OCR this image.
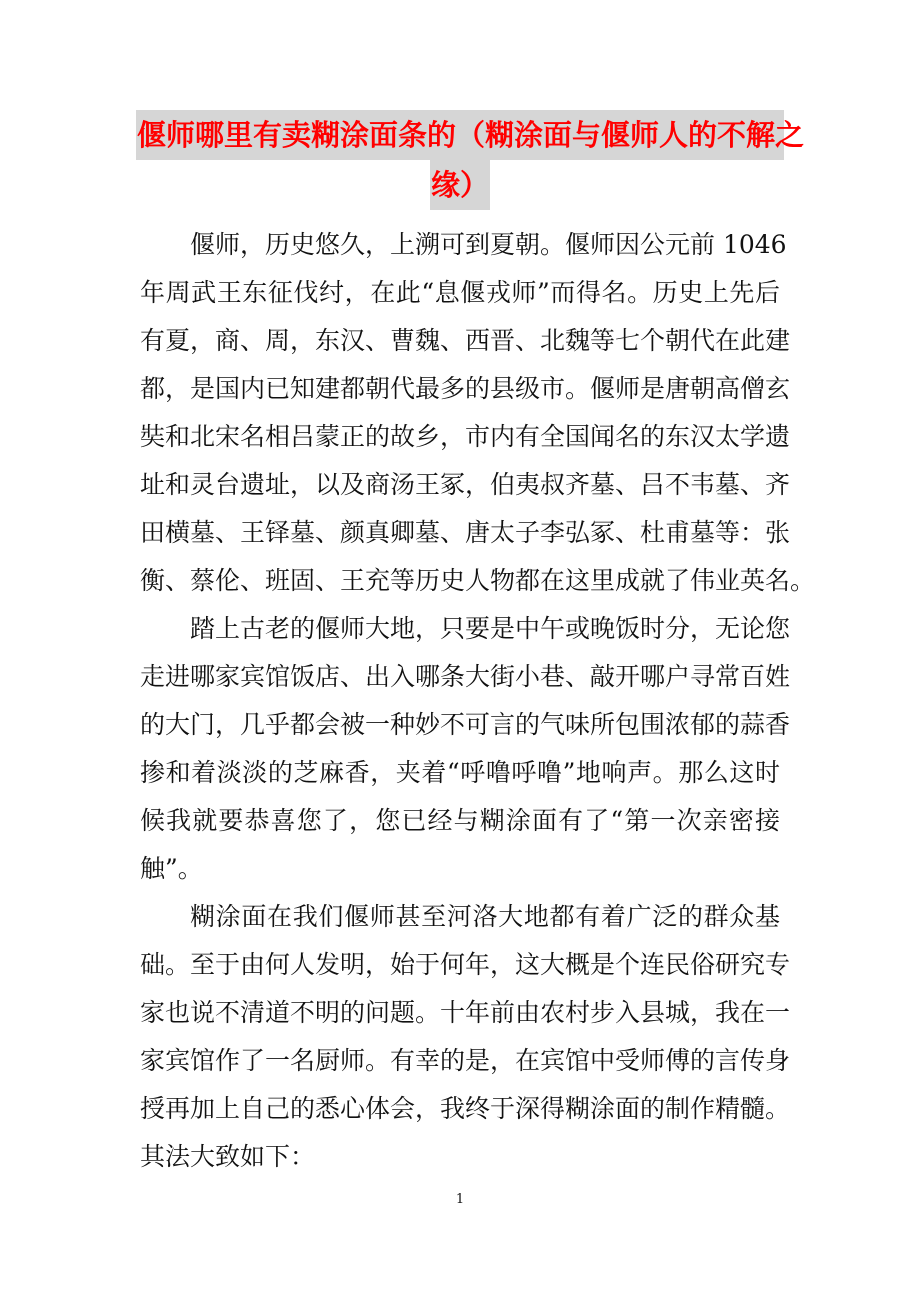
偃师哪里有卖糊涂面条的（糊涂面与偃师人的不解之
缘）
偃师，历史悠久，上溯可到夏朝。偃师因公元前 1046
年周武王东征伐纣，在此“息偃戎师”而得名。历史上先后
有夏，商、周，东汉、曹魏、西晋、北魏等七个朝代在此建
都，是国内已知建都朝代最多的县级市。偃师是唐朝高僧玄
奘和北宋名相吕蒙正的故乡，市内有全国闻名的东汉太学遗
址和灵台遗址，以及商汤王冢，伯夷叔齐墓、吕不韦墓、齐
田横墓、王铎墓、颜真卿墓、唐太子李弘冢、杜甫墓等：张
衡、蔡伦、班固、王充等历史人物都在这里成就了伟业英名。
踏上古老的偃师大地，只要是中午或晚饭时分，无论您
走进哪家宾馆饭店、出入哪条大街小巷、敲开哪户寻常百姓
的大门，几乎都会被一种妙不可言的气味所包围浓郁的蒜香
掺和着淡淡的芝麻香，夹着“呼噜呼噜”地响声。那么这时
候我就要恭喜您了，您已经与糊涂面有了“第一次亲密接
触”。
糊涂面在我们偃师甚至河洛大地都有着广泛的群众基
础。至于由何人发明，始于何年，这大概是个连民俗研究专
家也说不清道不明的问题。十年前由农村步入县城，我在一
家宾馆作了一名厨师。有幸的是，在宾馆中受师傅的言传身
授再加上自己的悉心体会，我终于深得糊涂面的制作精髓。
其法大致如下：
1
